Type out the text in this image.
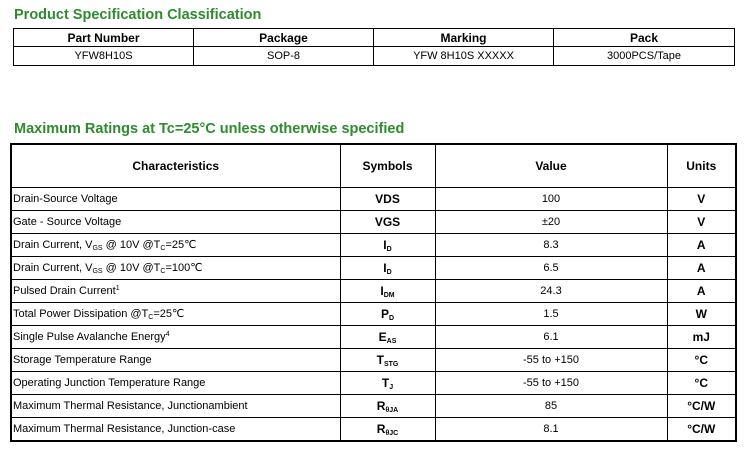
Product Specification Classification
Part Number	Package	Marking	Pack
YFW8H10S	SOP-8	YFW 8H10S XXXXX	3000PCS/Tape
Maximum Ratings at Tc=25°C unless otherwise specified
Characteristics	Symbols	Value	Units
Drain-Source Voltage	VDS	100	V
Gate - Source Voltage	VGS	±20	V
Drain Current, $V_{GS}$ @ 10V $@T_C=25℃$	$I_D$	8.3	A
Drain Current, $V_{GS}$ @ 10V $@T_C=100℃$	$I_D$	6.5	A
Pulsed Drain Current$^1$	$I_{DM}$	24.3	A
Total Power Dissipation $@T_C=25℃$	$P_D$	1.5	W
Single Pulse Avalanche Energy$^4$	$E_{AS}$	6.1	mJ
Storage Temperature Range	$T_{STG}$	-55 to +150	°C
Operating Junction Temperature Range	$T_J$	-55 to +150	°C
Maximum Thermal Resistance, Junctionambient	$R_{\theta JA}$	85	°C/W
Maximum Thermal Resistance, Junction-case	$R_{\theta JC}$	8.1	°C/W
